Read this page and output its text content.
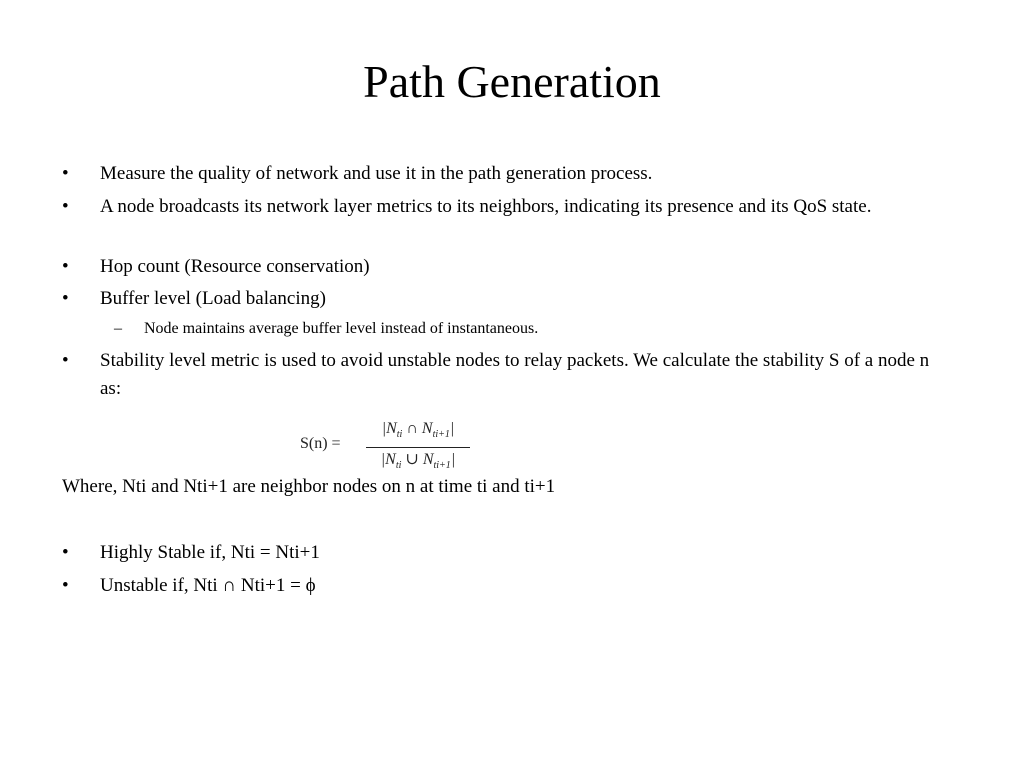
Path Generation
• Measure the quality of network and use it in the path generation process.
• A node broadcasts its network layer metrics to its neighbors, indicating its presence and its QoS state.
• Hop count (Resource conservation)
• Buffer level (Load balancing)
– Node maintains average buffer level instead of instantaneous.
• Stability level metric is used to avoid unstable nodes to relay packets. We calculate the stability S of a node n as:
S(n) =
$|N_{ti}$ ∩ $N_{ti+1}|$
$|N_{ti}$ ∪ $N_{ti+1}|$
Where, Nti and Nti+1 are neighbor nodes on n at time ti and ti+1
• Highly Stable if, Nti = Nti+1
• Unstable if, Nti ∩ Nti+1 = ϕ
